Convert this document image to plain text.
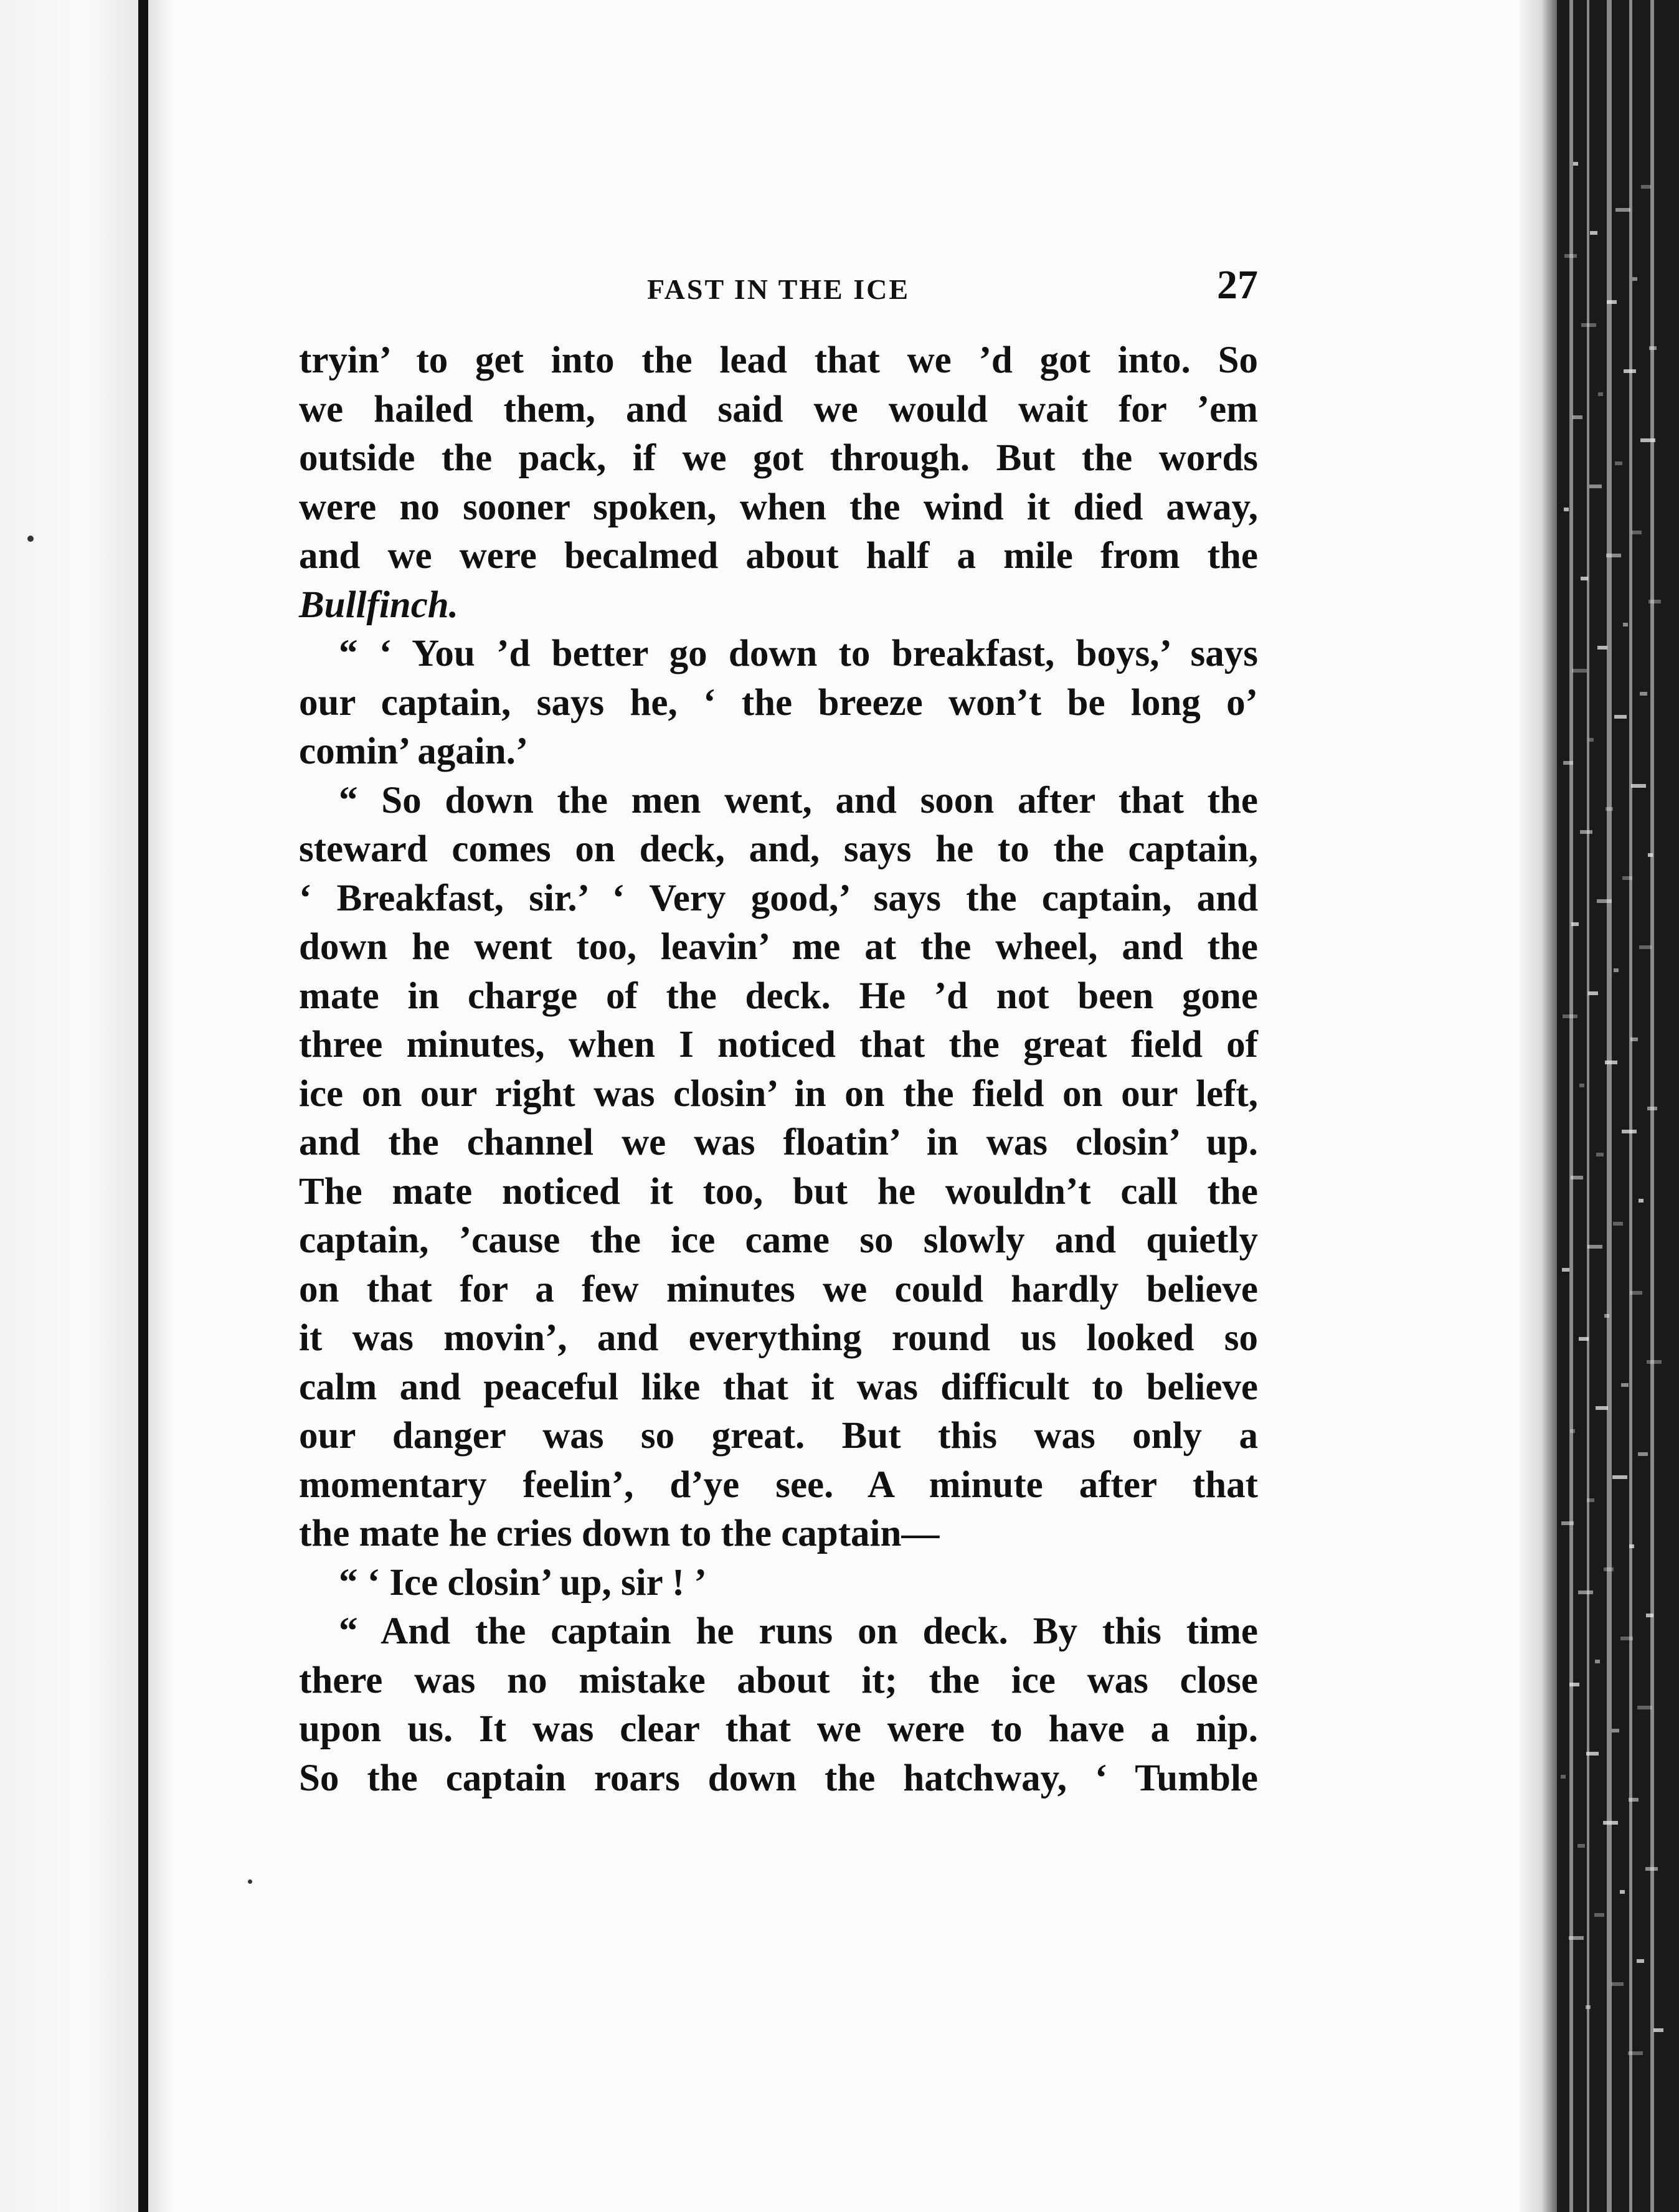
FAST IN THE ICE	27
tryin’ to get into the lead that we ’d got into. So
we hailed them, and said we would wait for ’em
outside the pack, if we got through. But the words
were no sooner spoken, when the wind it died away,
and we were becalmed about half a mile from the
Bullfinch.
“ ‘ You ’d better go down to breakfast, boys,’ says
our captain, says he, ‘ the breeze won’t be long o’
comin’ again.’
“ So down the men went, and soon after that the
steward comes on deck, and, says he to the captain,
‘ Breakfast, sir.’ ‘ Very good,’ says the captain, and
down he went too, leavin’ me at the wheel, and the
mate in charge of the deck. He ’d not been gone
three minutes, when I noticed that the great field of
ice on our right was closin’ in on the field on our left,
and the channel we was floatin’ in was closin’ up.
The mate noticed it too, but he wouldn’t call the
captain, ’cause the ice came so slowly and quietly
on that for a few minutes we could hardly believe
it was movin’, and everything round us looked so
calm and peaceful like that it was difficult to believe
our danger was so great. But this was only a
momentary feelin’, d’ye see. A minute after that
the mate he cries down to the captain—
“ ‘ Ice closin’ up, sir ! ’
“ And the captain he runs on deck. By this time
there was no mistake about it; the ice was close
upon us. It was clear that we were to have a nip.
So the captain roars down the hatchway, ‘ Tumble
